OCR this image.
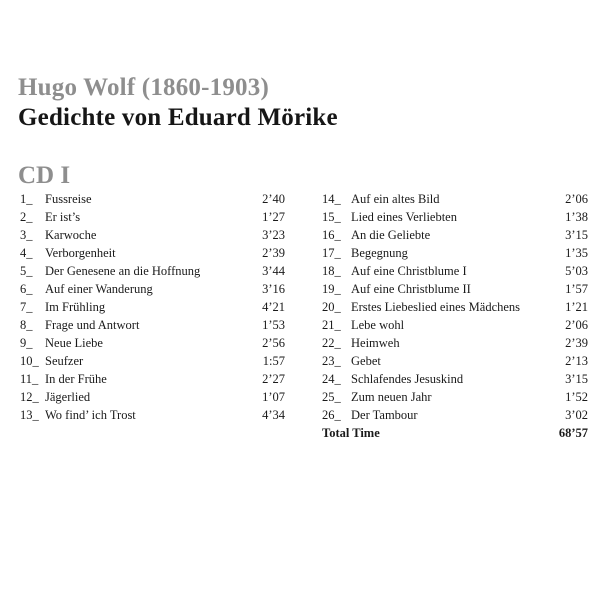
Hugo Wolf (1860-1903)
Gedichte von Eduard Mörike
CD I
1_	Fussreise	2’40
2_	Er ist’s	1’27
3_	Karwoche	3’23
4_	Verborgenheit	2’39
5_	Der Genesene an die Hoffnung	3’44
6_	Auf einer Wanderung	3’16
7_	Im Frühling	4’21
8_	Frage und Antwort	1’53
9_	Neue Liebe	2’56
10_ Seufzer	1:57
11_ In der Frühe	2’27
12_ Jägerlied	1’07
13_ Wo find’ ich Trost	4’34
14_ Auf ein altes Bild	2’06
15_ Lied eines Verliebten	1’38
16_ An die Geliebte	3’15
17_ Begegnung	1’35
18_ Auf eine Christblume I	5’03
19_ Auf eine Christblume II	1’57
20_ Erstes Liebeslied eines Mädchens	1’21
21_ Lebe wohl	2’06
22_ Heimweh	2’39
23_ Gebet	2’13
24_ Schlafendes Jesuskind	3’15
25_ Zum neuen Jahr	1’52
26_ Der Tambour	3’02
Total Time	68’57
